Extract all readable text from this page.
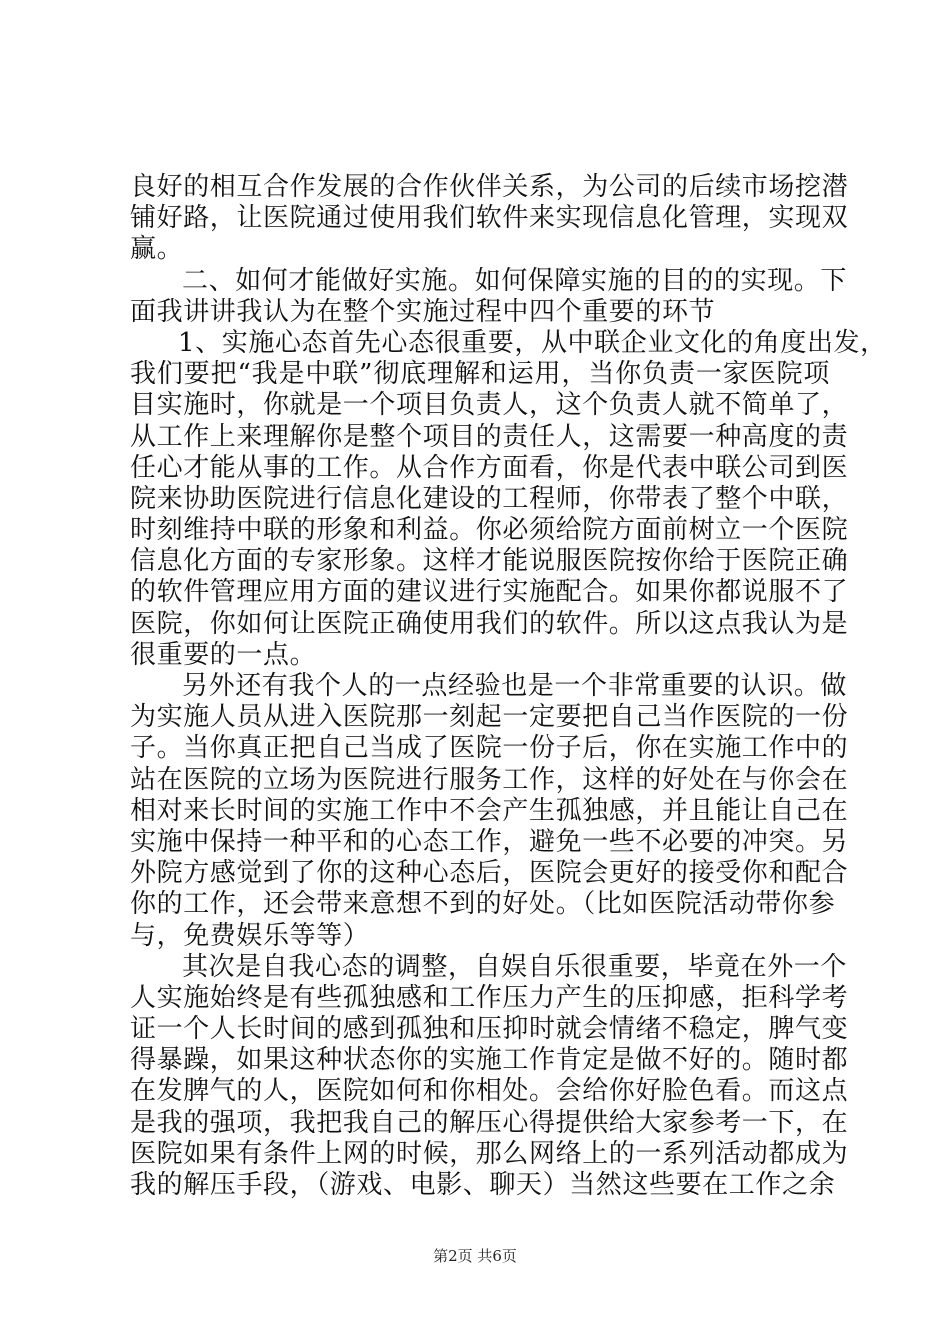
良好的相互合作发展的合作伙伴关系，为公司的后续市场挖潜
铺好路，让医院通过使用我们软件来实现信息化管理，实现双
赢。
二、如何才能做好实施。如何保障实施的目的的实现。下
面我讲讲我认为在整个实施过程中四个重要的环节
1、实施心态首先心态很重要，从中联企业文化的角度出发，
我们要把“我是中联”彻底理解和运用，当你负责一家医院项
目实施时，你就是一个项目负责人，这个负责人就不简单了，
从工作上来理解你是整个项目的责任人，这需要一种高度的责
任心才能从事的工作。从合作方面看，你是代表中联公司到医
院来协助医院进行信息化建设的工程师，你带表了整个中联，
时刻维持中联的形象和利益。你必须给院方面前树立一个医院
信息化方面的专家形象。这样才能说服医院按你给于医院正确
的软件管理应用方面的建议进行实施配合。如果你都说服不了
医院，你如何让医院正确使用我们的软件。所以这点我认为是
很重要的一点。
另外还有我个人的一点经验也是一个非常重要的认识。做
为实施人员从进入医院那一刻起一定要把自己当作医院的一份
子。当你真正把自己当成了医院一份子后，你在实施工作中的
站在医院的立场为医院进行服务工作，这样的好处在与你会在
相对来长时间的实施工作中不会产生孤独感，并且能让自己在
实施中保持一种平和的心态工作，避免一些不必要的冲突。另
外院方感觉到了你的这种心态后，医院会更好的接受你和配合
你的工作，还会带来意想不到的好处。（比如医院活动带你参
与，免费娱乐等等）
其次是自我心态的调整，自娱自乐很重要，毕竟在外一个
人实施始终是有些孤独感和工作压力产生的压抑感，拒科学考
证一个人长时间的感到孤独和压抑时就会情绪不稳定，脾气变
得暴躁，如果这种状态你的实施工作肯定是做不好的。随时都
在发脾气的人，医院如何和你相处。会给你好脸色看。而这点
是我的强项，我把我自己的解压心得提供给大家参考一下，在
医院如果有条件上网的时候，那么网络上的一系列活动都成为
我的解压手段，（游戏、电影、聊天）当然这些要在工作之余
第2页 共6页
